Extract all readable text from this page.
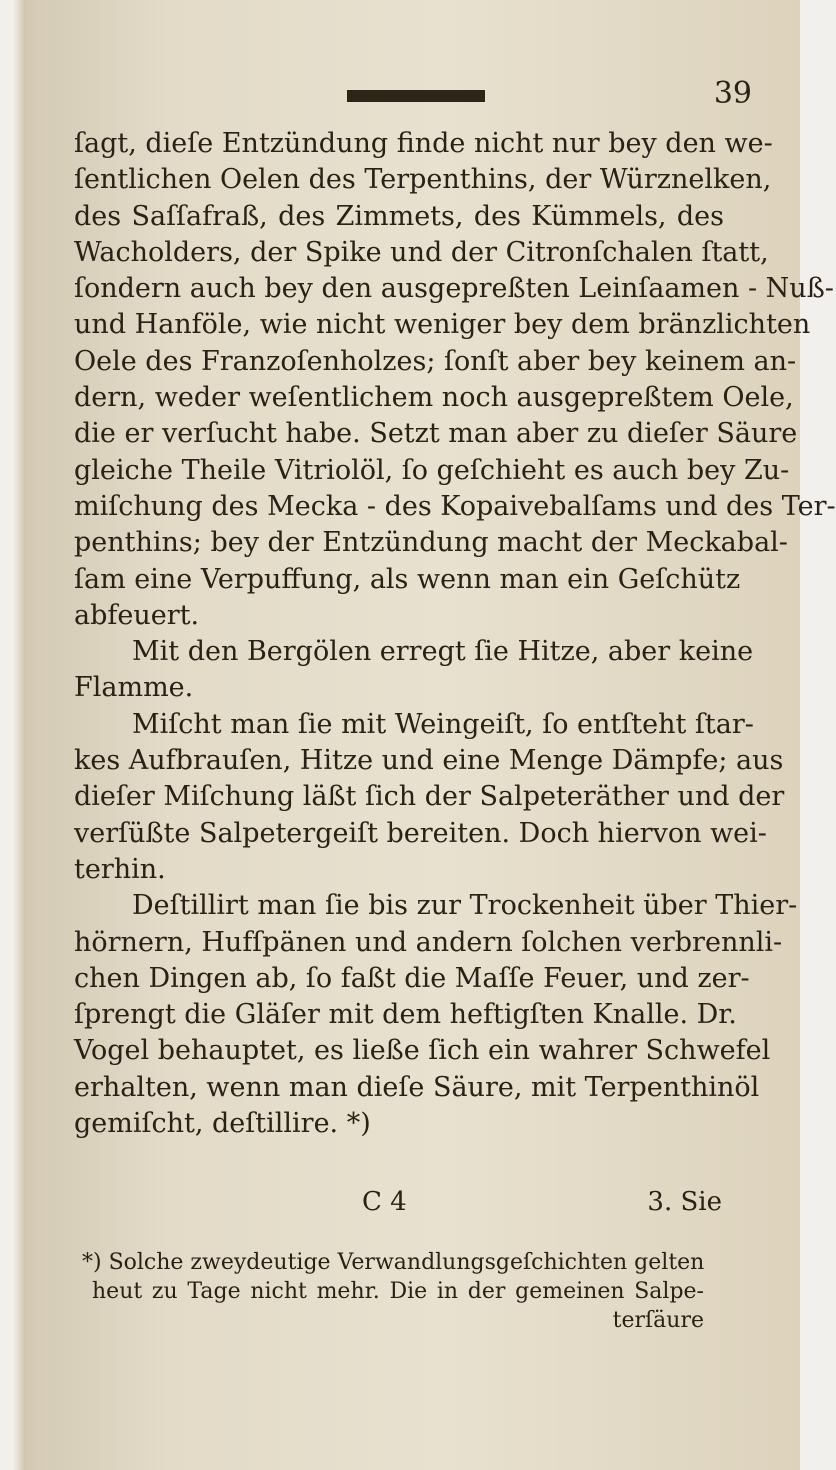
39
ſagt, dieſe Entzündung finde nicht nur bey den we-
ſentlichen Oelen des Terpenthins, der Würznelken,
des Saſſafraß, des Zimmets, des Kümmels, des
Wacholders, der Spike und der Citronſchalen ſtatt,
ſondern auch bey den ausgepreßten Leinſaamen - Nuß-
und Hanföle, wie nicht weniger bey dem bränzlichten
Oele des Franzoſenholzes; ſonſt aber bey keinem an-
dern, weder weſentlichem noch ausgepreßtem Oele,
die er verſucht habe. Setzt man aber zu dieſer Säure
gleiche Theile Vitriolöl, ſo geſchieht es auch bey Zu-
miſchung des Mecka - des Kopaivebalſams und des Ter-
penthins; bey der Entzündung macht der Meckabal-
ſam eine Verpuffung, als wenn man ein Geſchütz
abfeuert.
Mit den Bergölen erregt ſie Hitze, aber keine
Flamme.
Miſcht man ſie mit Weingeiſt, ſo entſteht ſtar-
kes Aufbrauſen, Hitze und eine Menge Dämpfe; aus
dieſer Miſchung läßt ſich der Salpeteräther und der
verſüßte Salpetergeiſt bereiten. Doch hiervon wei-
terhin.
Deſtillirt man ſie bis zur Trockenheit über Thier-
hörnern, Hufſpänen und andern ſolchen verbrennli-
chen Dingen ab, ſo faßt die Maſſe Feuer, und zer-
ſprengt die Gläſer mit dem heftigſten Knalle. Dr.
Vogel behauptet, es ließe ſich ein wahrer Schwefel
erhalten, wenn man dieſe Säure, mit Terpenthinöl
gemiſcht, deſtillire. *)
C 4	3. Sie
*) Solche zweydeutige Verwandlungsgeſchichten gelten
heut zu Tage nicht mehr. Die in der gemeinen Salpe-
terſäure
